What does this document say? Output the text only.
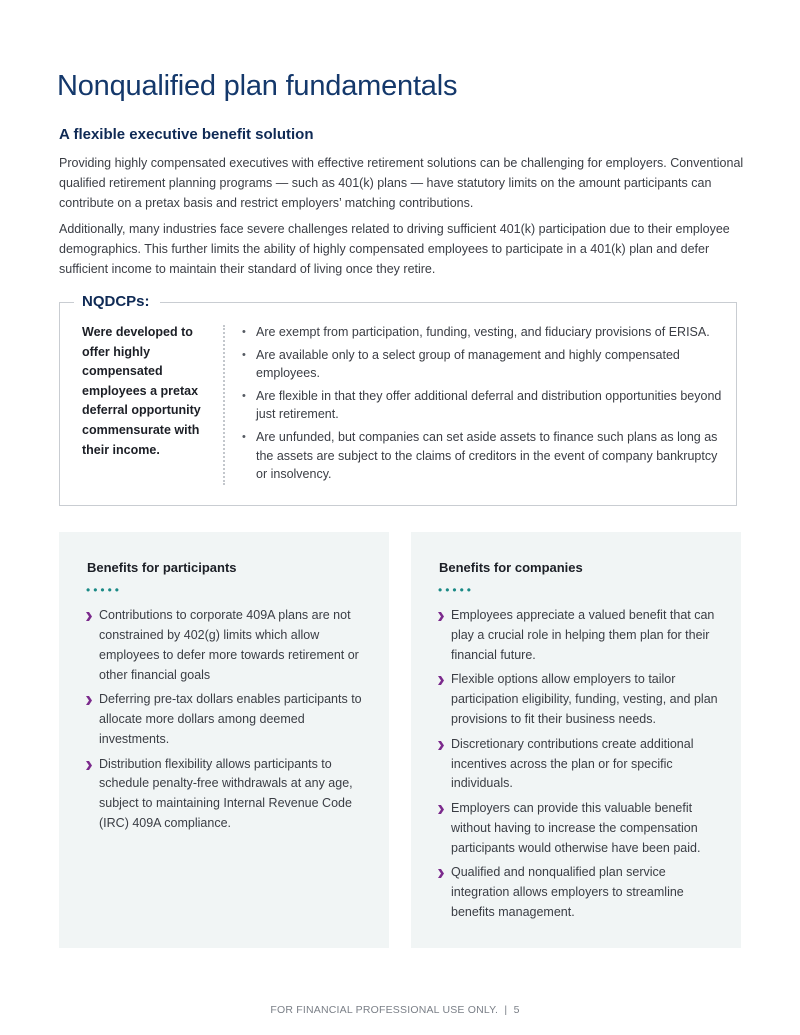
Nonqualified plan fundamentals
A flexible executive benefit solution

Providing highly compensated executives with effective retirement solutions can be challenging for employers. Conventional qualified retirement planning programs — such as 401(k) plans — have statutory limits on the amount participants can contribute on a pretax basis and restrict employers’ matching contributions.

Additionally, many industries face severe challenges related to driving sufficient 401(k) participation due to their employee demographics. This further limits the ability of highly compensated employees to participate in a 401(k) plan and defer sufficient income to maintain their standard of living once they retire.

NQDCPs:
Were developed to offer highly compensated employees a pretax deferral opportunity commensurate with their income.
• Are exempt from participation, funding, vesting, and fiduciary provisions of ERISA.
• Are available only to a select group of management and highly compensated employees.
• Are flexible in that they offer additional deferral and distribution opportunities beyond just retirement.
• Are unfunded, but companies can set aside assets to finance such plans as long as the assets are subject to the claims of creditors in the event of company bankruptcy or insolvency.
Benefits for participants
•••••
Contributions to corporate 409A plans are not constrained by 402(g) limits which allow employees to defer more towards retirement or other financial goals
Deferring pre-tax dollars enables participants to allocate more dollars among deemed investments.
Distribution flexibility allows participants to schedule penalty-free withdrawals at any age, subject to maintaining Internal Revenue Code (IRC) 409A compliance.
Benefits for companies
•••••
Employees appreciate a valued benefit that can play a crucial role in helping them plan for their financial future.
Flexible options allow employers to tailor participation eligibility, funding, vesting, and plan provisions to fit their business needs.
Discretionary contributions create additional incentives across the plan or for specific individuals.
Employers can provide this valuable benefit without having to increase the compensation participants would otherwise have been paid.
Qualified and nonqualified plan service integration allows employers to streamline benefits management.
FOR FINANCIAL PROFESSIONAL USE ONLY. | 5
